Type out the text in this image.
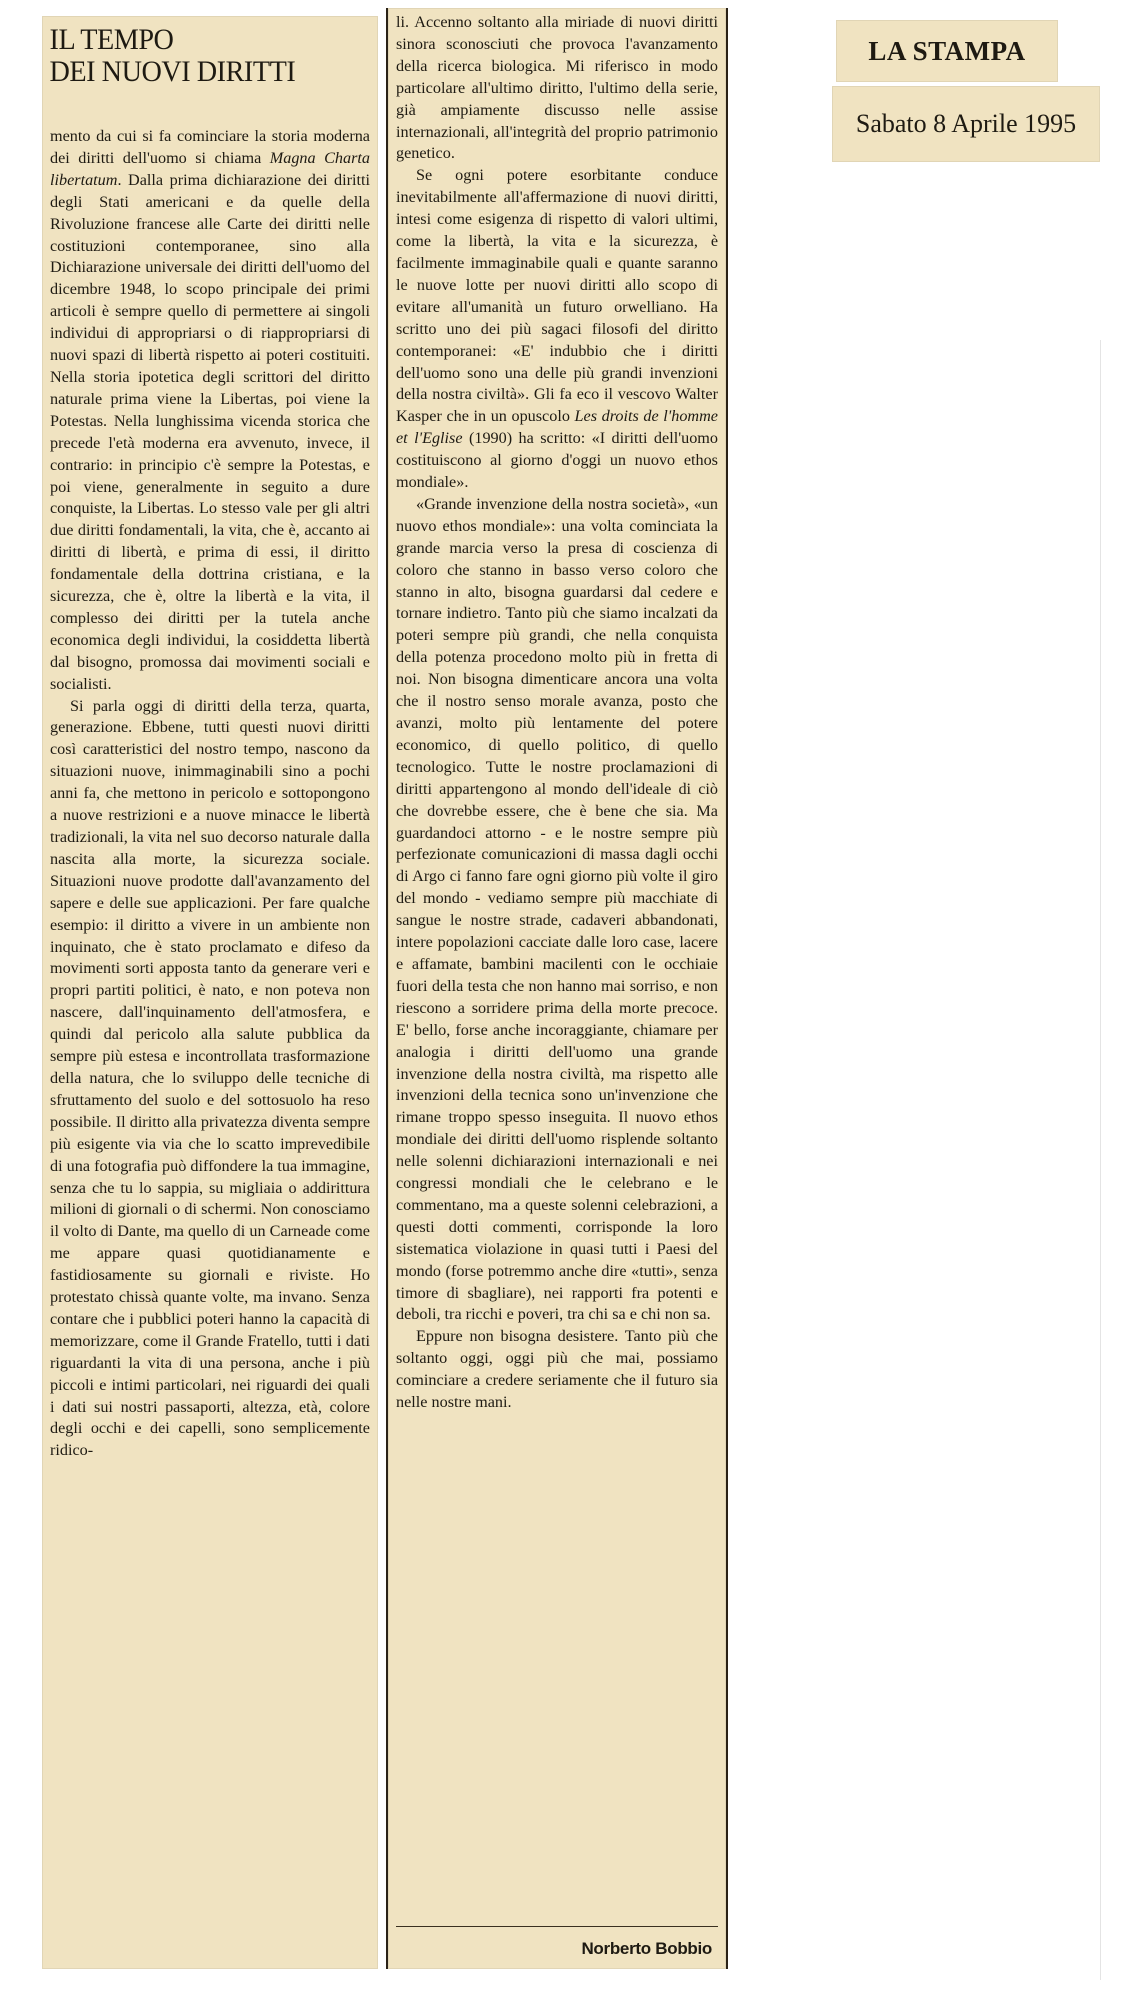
IL TEMPO
DEI NUOVI DIRITTI

mento da cui si fa cominciare la storia moderna dei diritti dell'uomo si chiama Magna Charta libertatum. Dalla prima dichiarazione dei diritti degli Stati americani e da quelle della Rivoluzione francese alle Carte dei diritti nelle costituzioni contemporanee, sino alla Dichiarazione universale dei diritti dell'uomo del dicembre 1948, lo scopo principale dei primi articoli è sempre quello di permettere ai singoli individui di appropriarsi o di riappropriarsi di nuovi spazi di libertà rispetto ai poteri costituiti. Nella storia ipotetica degli scrittori del diritto naturale prima viene la Libertas, poi viene la Potestas. Nella lunghissima vicenda storica che precede l'età moderna era avvenuto, invece, il contrario: in principio c'è sempre la Potestas, e poi viene, generalmente in seguito a dure conquiste, la Libertas. Lo stesso vale per gli altri due diritti fondamentali, la vita, che è, accanto ai diritti di libertà, e prima di essi, il diritto fondamentale della dottrina cristiana, e la sicurezza, che è, oltre la libertà e la vita, il complesso dei diritti per la tutela anche economica degli individui, la cosiddetta libertà dal bisogno, promossa dai movimenti sociali e socialisti.

Si parla oggi di diritti della terza, quarta, generazione. Ebbene, tutti questi nuovi diritti così caratteristici del nostro tempo, nascono da situazioni nuove, inimmaginabili sino a pochi anni fa, che mettono in pericolo e sottopongono a nuove restrizioni e a nuove minacce le libertà tradizionali, la vita nel suo decorso naturale dalla nascita alla morte, la sicurezza sociale. Situazioni nuove prodotte dall'avanzamento del sapere e delle sue applicazioni. Per fare qualche esempio: il diritto a vivere in un ambiente non inquinato, che è stato proclamato e difeso da movimenti sorti apposta tanto da generare veri e propri partiti politici, è nato, e non poteva non nascere, dall'inquinamento dell'atmosfera, e quindi dal pericolo alla salute pubblica da sempre più estesa e incontrollata trasformazione della natura, che lo sviluppo delle tecniche di sfruttamento del suolo e del sottosuolo ha reso possibile. Il diritto alla privatezza diventa sempre più esigente via via che lo scatto imprevedibile di una fotografia può diffondere la tua immagine, senza che tu lo sappia, su migliaia o addirittura milioni di giornali o di schermi. Non conosciamo il volto di Dante, ma quello di un Carneade come me appare quasi quotidianamente e fastidiosamente su giornali e riviste. Ho protestato chissà quante volte, ma invano. Senza contare che i pubblici poteri hanno la capacità di memorizzare, come il Grande Fratello, tutti i dati riguardanti la vita di una persona, anche i più piccoli e intimi particolari, nei riguardi dei quali i dati sui nostri passaporti, altezza, età, colore degli occhi e dei capelli, sono semplicemente ridico-

li. Accenno soltanto alla miriade di nuovi diritti sinora sconosciuti che provoca l'avanzamento della ricerca biologica. Mi riferisco in modo particolare all'ultimo diritto, l'ultimo della serie, già ampiamente discusso nelle assise internazionali, all'integrità del proprio patrimonio genetico.

Se ogni potere esorbitante conduce inevitabilmente all'affermazione di nuovi diritti, intesi come esigenza di rispetto di valori ultimi, come la libertà, la vita e la sicurezza, è facilmente immaginabile quali e quante saranno le nuove lotte per nuovi diritti allo scopo di evitare all'umanità un futuro orwelliano. Ha scritto uno dei più sagaci filosofi del diritto contemporanei: «E' indubbio che i diritti dell'uomo sono una delle più grandi invenzioni della nostra civiltà». Gli fa eco il vescovo Walter Kasper che in un opuscolo Les droits de l'homme et l'Eglise (1990) ha scritto: «I diritti dell'uomo costituiscono al giorno d'oggi un nuovo ethos mondiale».

«Grande invenzione della nostra società», «un nuovo ethos mondiale»: una volta cominciata la grande marcia verso la presa di coscienza di coloro che stanno in basso verso coloro che stanno in alto, bisogna guardarsi dal cedere e tornare indietro. Tanto più che siamo incalzati da poteri sempre più grandi, che nella conquista della potenza procedono molto più in fretta di noi. Non bisogna dimenticare ancora una volta che il nostro senso morale avanza, posto che avanzi, molto più lentamente del potere economico, di quello politico, di quello tecnologico. Tutte le nostre proclamazioni di diritti appartengono al mondo dell'ideale di ciò che dovrebbe essere, che è bene che sia. Ma guardandoci attorno - e le nostre sempre più perfezionate comunicazioni di massa dagli occhi di Argo ci fanno fare ogni giorno più volte il giro del mondo - vediamo sempre più macchiate di sangue le nostre strade, cadaveri abbandonati, intere popolazioni cacciate dalle loro case, lacere e affamate, bambini macilenti con le occhiaie fuori della testa che non hanno mai sorriso, e non riescono a sorridere prima della morte precoce. E' bello, forse anche incoraggiante, chiamare per analogia i diritti dell'uomo una grande invenzione della nostra civiltà, ma rispetto alle invenzioni della tecnica sono un'invenzione che rimane troppo spesso inseguita. Il nuovo ethos mondiale dei diritti dell'uomo risplende soltanto nelle solenni dichiarazioni internazionali e nei congressi mondiali che le celebrano e le commentano, ma a queste solenni celebrazioni, a questi dotti commenti, corrisponde la loro sistematica violazione in quasi tutti i Paesi del mondo (forse potremmo anche dire «tutti», senza timore di sbagliare), nei rapporti fra potenti e deboli, tra ricchi e poveri, tra chi sa e chi non sa.

Eppure non bisogna desistere. Tanto più che soltanto oggi, oggi più che mai, possiamo cominciare a credere seriamente che il futuro sia nelle nostre mani.

Norberto Bobbio
LA STAMPA
Sabato 8 Aprile 1995
